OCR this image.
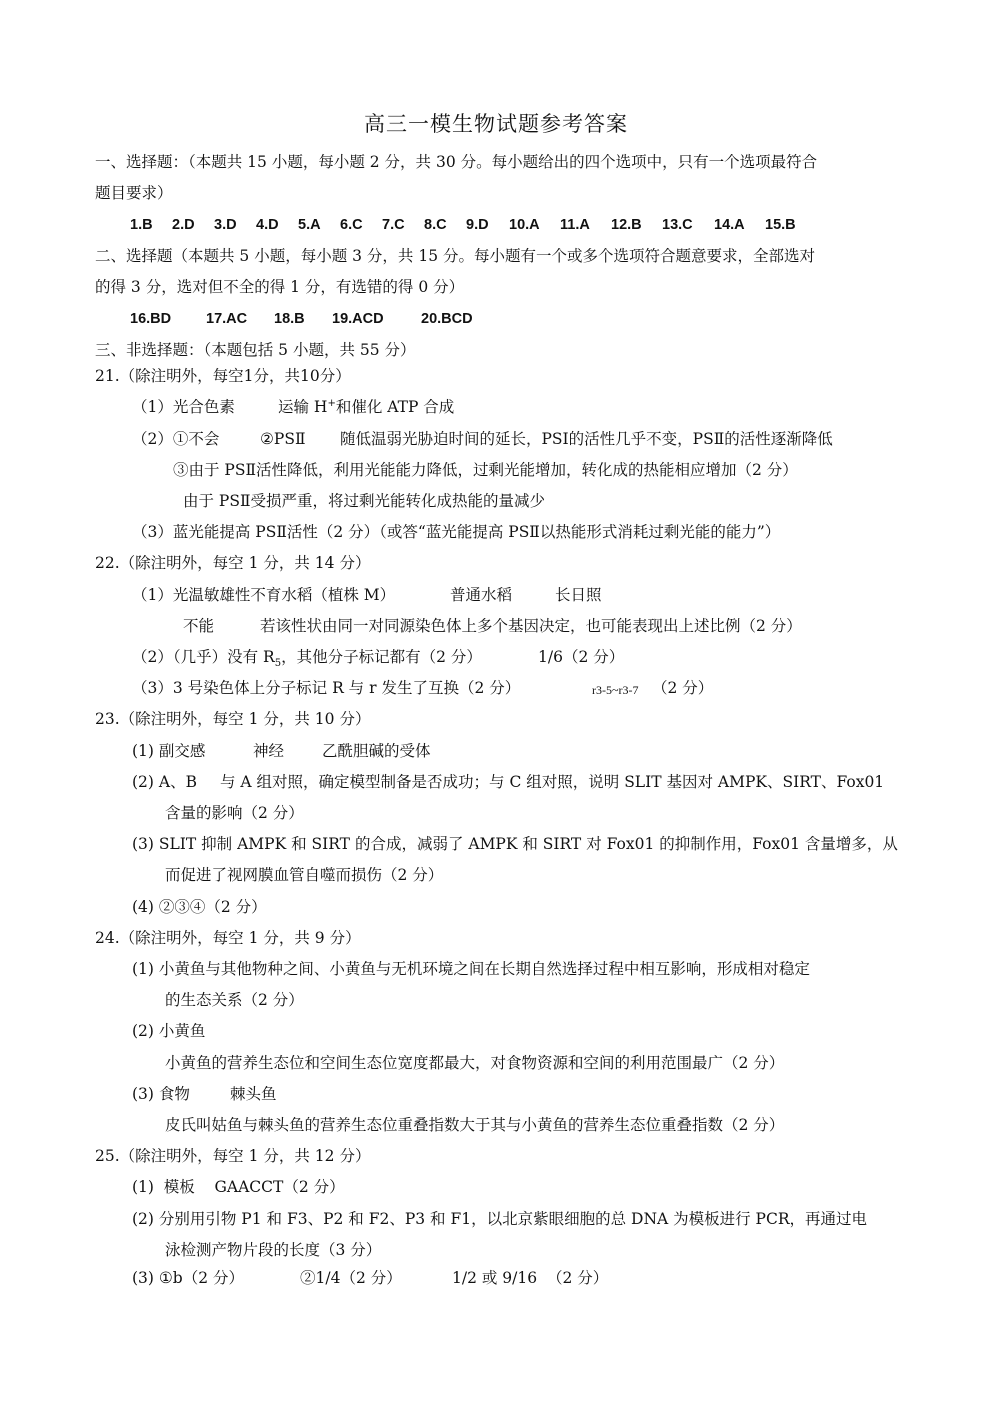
高三一模生物试题参考答案
一、选择题：（本题共 15 小题，每小题 2 分，共 30 分。每小题给出的四个选项中，只有一个选项最符合
题目要求）
1.B 2.D 3.D 4.D 5.A 6.C 7.C 8.C 9.D 10.A 11.A 12.B 13.C 14.A 15.B
二、选择题（本题共 5 小题，每小题 3 分，共 15 分。每小题有一个或多个选项符合题意要求，全部选对
的得 3 分，选对但不全的得 1 分，有选错的得 0 分）
16.BD 17.AC 18.B 19.ACD	20.BCD
三、非选择题：（本题包括 5 小题，共 55 分）
21.（除注明外，每空1分，共10分）
（1）光合色素	运输 H+和催化 ATP 合成
（2）①不会	②PSⅡ 随低温弱光胁迫时间的延长，PSⅠ的活性几乎不变，PSⅡ的活性逐渐降低
③由于 PSⅡ活性降低，利用光能能力降低，过剩光能增加，转化成的热能相应增加（2 分）
由于 PSⅡ受损严重，将过剩光能转化成热能的量减少
（3）蓝光能提高 PSⅡ活性（2 分）（或答“蓝光能提高 PSⅡ以热能形式消耗过剩光能的能力”）
22.（除注明外，每空 1 分，共 14 分）
（1）光温敏雄性不育水稻（植株 M）	普通水稻	长日照
不能	若该性状由同一对同源染色体上多个基因决定，也可能表现出上述比例（2 分）
（2）（几乎）没有 $R_5$，其他分子标记都有（2 分）	1/6（2 分）
（3）3 号染色体上分子标记 R 与 r 发生了互换（2 分）	r3-5~r3-7 （2 分）
23.（除注明外，每空 1 分，共 10 分）
(1) 副交感	神经 乙酰胆碱的受体
(2) A、B 与 A 组对照，确定模型制备是否成功；与 C 组对照，说明 SLIT 基因对 AMPK、SIRT、Fox01
含量的影响（2 分）
(3) SLIT 抑制 AMPK 和 SIRT 的合成，减弱了 AMPK 和 SIRT 对 Fox01 的抑制作用，Fox01 含量增多，从
而促进了视网膜血管自噬而损伤（2 分）
(4) ②③④（2 分）
24.（除注明外，每空 1 分，共 9 分）
(1) 小黄鱼与其他物种之间、小黄鱼与无机环境之间在长期自然选择过程中相互影响，形成相对稳定
的生态关系（2 分）
(2) 小黄鱼
小黄鱼的营养生态位和空间生态位宽度都最大，对食物资源和空间的利用范围最广（2 分）
(3) 食物	棘头鱼
皮氏叫姑鱼与棘头鱼的营养生态位重叠指数大于其与小黄鱼的营养生态位重叠指数（2 分）
25.（除注明外，每空 1 分，共 12 分）
(1)  模板    GAACCT（2 分）
(2) 分别用引物 P1 和 F3、P2 和 F2、P3 和 F1，以北京紫眼细胞的总 DNA 为模板进行 PCR，再通过电
泳检测产物片段的长度（3 分）
(3) ①b（2 分）	②1/4（2 分）	1/2 或 9/16  （2 分）
